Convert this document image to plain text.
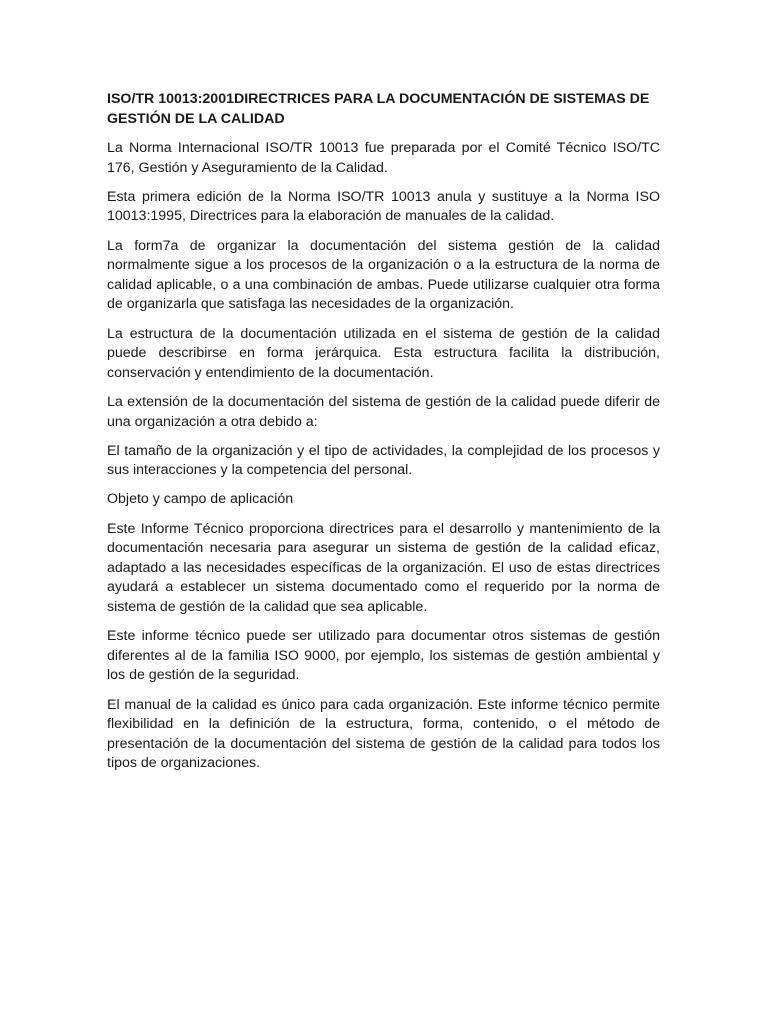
ISO/TR 10013:2001DIRECTRICES PARA LA DOCUMENTACIÓN DE SISTEMAS DE GESTIÓN DE LA CALIDAD

La Norma Internacional ISO/TR 10013 fue preparada por el Comité Técnico ISO/TC 176, Gestión y Aseguramiento de la Calidad.

Esta primera edición de la Norma ISO/TR 10013 anula y sustituye a la Norma ISO 10013:1995, Directrices para la elaboración de manuales de la calidad.

La form7a de organizar la documentación del sistema gestión de la calidad normalmente sigue a los procesos de la organización o a la estructura de la norma de calidad aplicable, o a una combinación de ambas. Puede utilizarse cualquier otra forma de organizarla que satisfaga las necesidades de la organización.

La estructura de la documentación utilizada en el sistema de gestión de la calidad puede describirse en forma jerárquica. Esta estructura facilita la distribución, conservación y entendimiento de la documentación.

La extensión de la documentación del sistema de gestión de la calidad puede diferir de una organización a otra debido a:

El tamaño de la organización y el tipo de actividades, la complejidad de los procesos y sus interacciones y la competencia del personal.

Objeto y campo de aplicación

Este Informe Técnico proporciona directrices para el desarrollo y mantenimiento de la documentación necesaria para asegurar un sistema de gestión de la calidad eficaz, adaptado a las necesidades específicas de la organización. El uso de estas directrices ayudará a establecer un sistema documentado como el requerido por la norma de sistema de gestión de la calidad que sea aplicable.

Este informe técnico puede ser utilizado para documentar otros sistemas de gestión diferentes al de la familia ISO 9000, por ejemplo, los sistemas de gestión ambiental y los de gestión de la seguridad.

El manual de la calidad es único para cada organización. Este informe técnico permite flexibilidad en la definición de la estructura, forma, contenido, o el método de presentación de la documentación del sistema de gestión de la calidad para todos los tipos de organizaciones.
